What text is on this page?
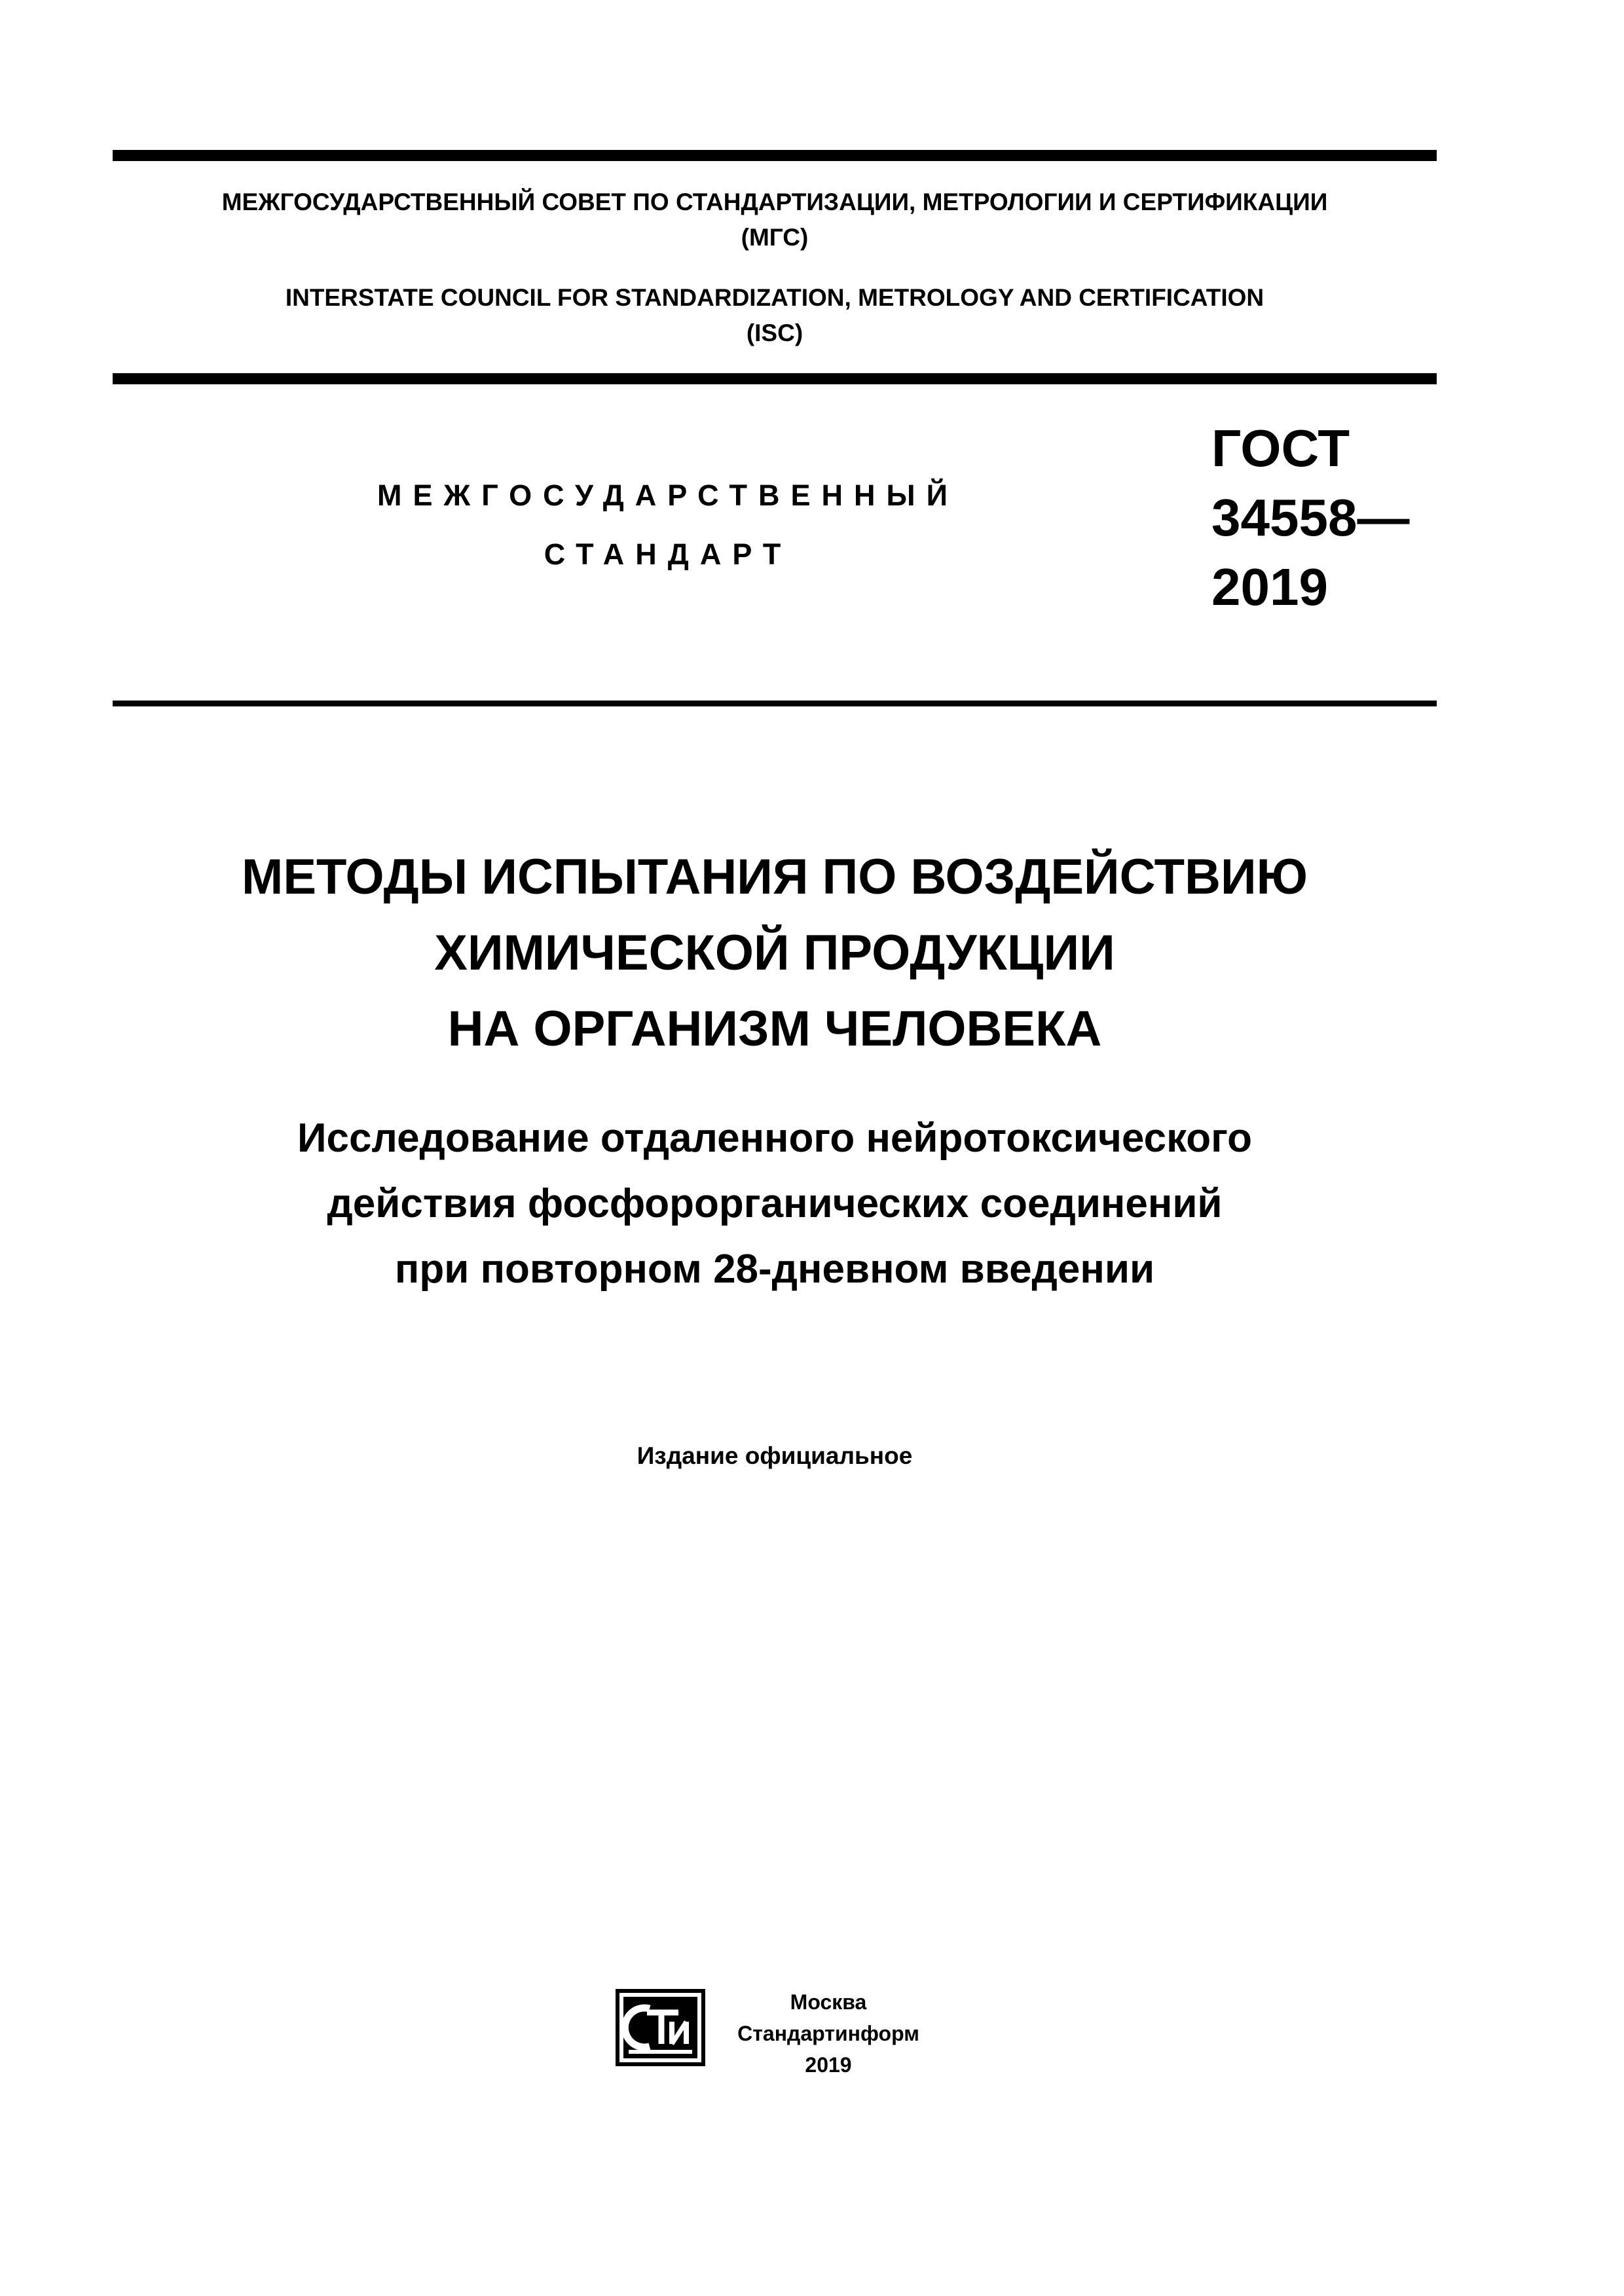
МЕЖГОСУДАРСТВЕННЫЙ СОВЕТ ПО СТАНДАРТИЗАЦИИ, МЕТРОЛОГИИ И СЕРТИФИКАЦИИ
(МГС)
INTERSTATE COUNCIL FOR STANDARDIZATION, METROLOGY AND CERTIFICATION
(ISC)
МЕЖГОСУДАРСТВЕННЫЙ
СТАНДАРТ
ГОСТ
34558—
2019
МЕТОДЫ ИСПЫТАНИЯ ПО ВОЗДЕЙСТВИЮ
ХИМИЧЕСКОЙ ПРОДУКЦИИ
НА ОРГАНИЗМ ЧЕЛОВЕКА
Исследование отдаленного нейротоксического
действия фосфорорганических соединений
при повторном 28-дневном введении
Издание официальное
Москва
Стандартинформ
2019
